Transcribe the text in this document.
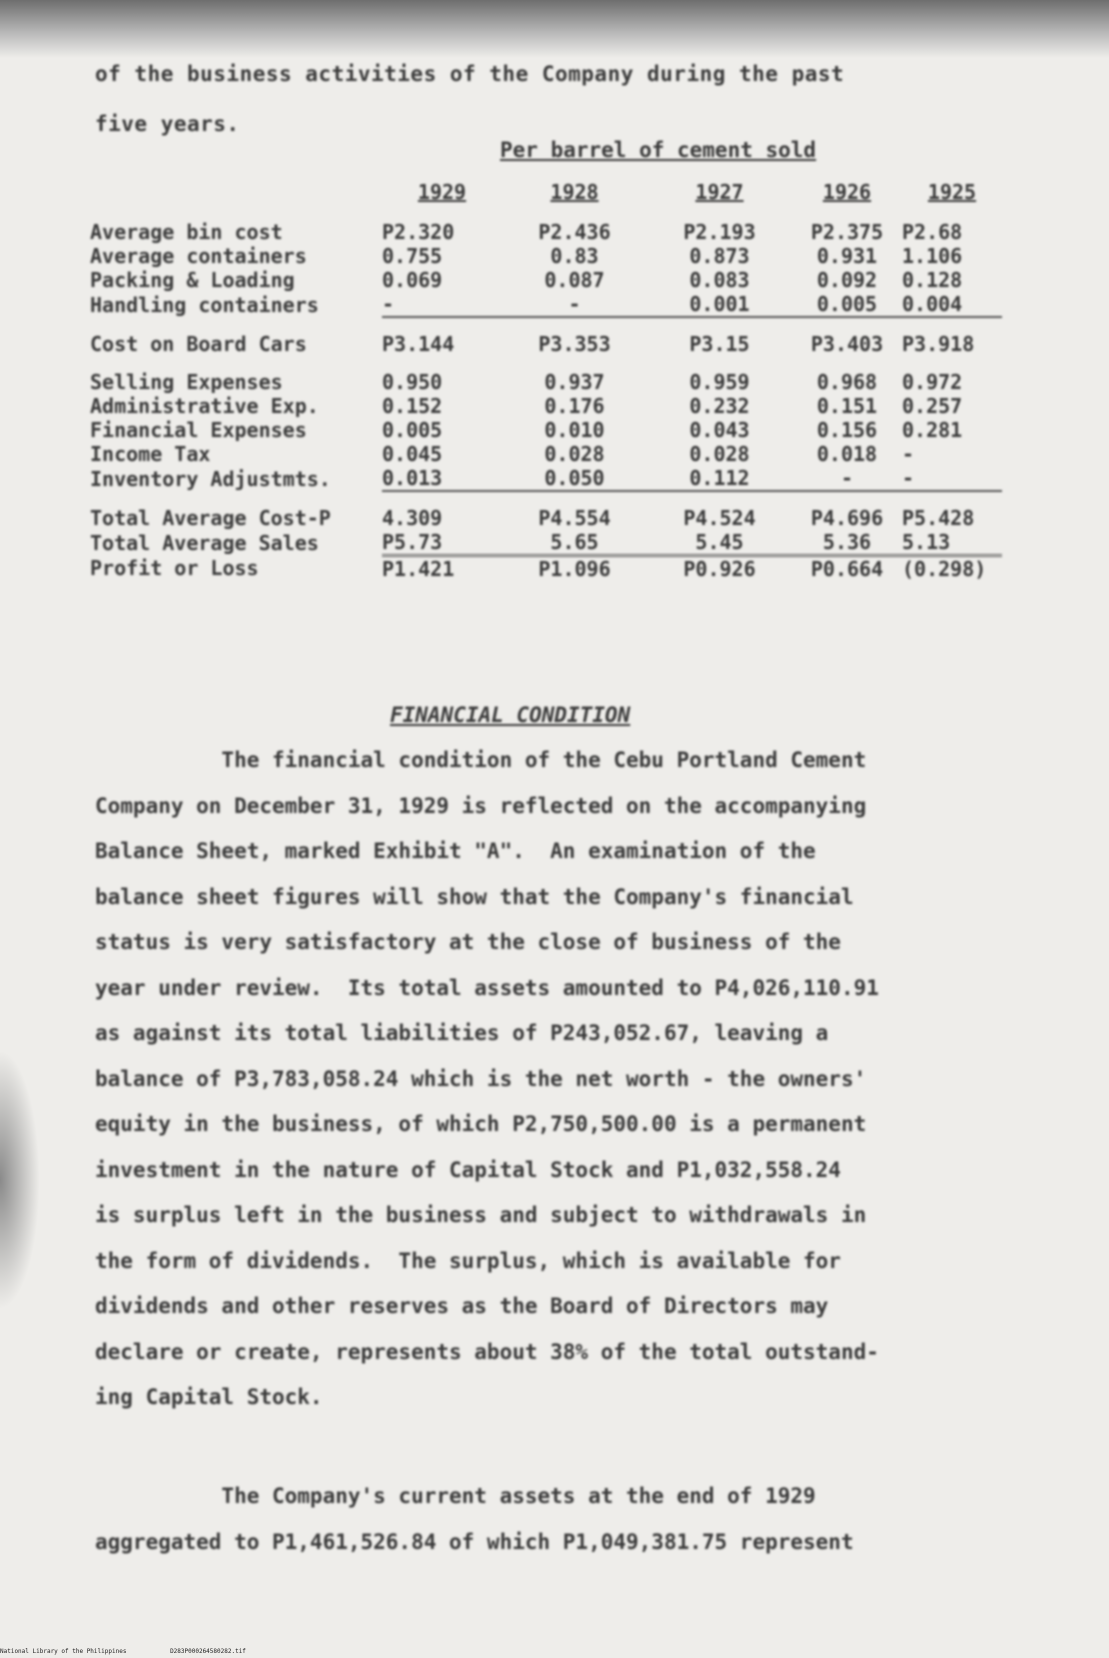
of the business activities of the Company during the past
five years.
Per barrel of cement sold
	1929	1928	1927	1926	1925
Average bin cost	P2.320	P2.436	P2.193	P2.375	P2.68
Average containers	0.755	0.83	0.873	0.931	1.106
Packing & Loading	0.069	0.087	0.083	0.092	0.128
Handling containers	-	-	0.001	0.005	0.004
Cost on Board Cars	P3.144	P3.353	P3.15	P3.403	P3.918
Selling Expenses	0.950	0.937	0.959	0.968	0.972
Administrative Exp.	0.152	0.176	0.232	0.151	0.257
Financial Expenses	0.005	0.010	0.043	0.156	0.281
Income Tax	0.045	0.028	0.028	0.018	-
Inventory Adjustmts.	0.013	0.050	0.112	-	-
Total Average Cost-P	4.309	P4.554	P4.524	P4.696	P5.428
Total Average Sales	P5.73	5.65	5.45	5.36	5.13
Profit or Loss	P1.421	P1.096	P0.926	P0.664	(0.298)
FINANCIAL CONDITION
The financial condition of the Cebu Portland Cement
Company on December 31, 1929 is reflected on the accompanying
Balance Sheet, marked Exhibit "A".  An examination of the
balance sheet figures will show that the Company's financial
status is very satisfactory at the close of business of the
year under review.  Its total assets amounted to P4,026,110.91
as against its total liabilities of P243,052.67, leaving a
balance of P3,783,058.24 which is the net worth - the owners'
equity in the business, of which P2,750,500.00 is a permanent
investment in the nature of Capital Stock and P1,032,558.24
is surplus left in the business and subject to withdrawals in
the form of dividends.  The surplus, which is available for
dividends and other reserves as the Board of Directors may
declare or create, represents about 38% of the total outstand-
ing Capital Stock.
The Company's current assets at the end of 1929
aggregated to P1,461,526.84 of which P1,049,381.75 represent
National Library of the Philippines	D283P000264580282.tif
